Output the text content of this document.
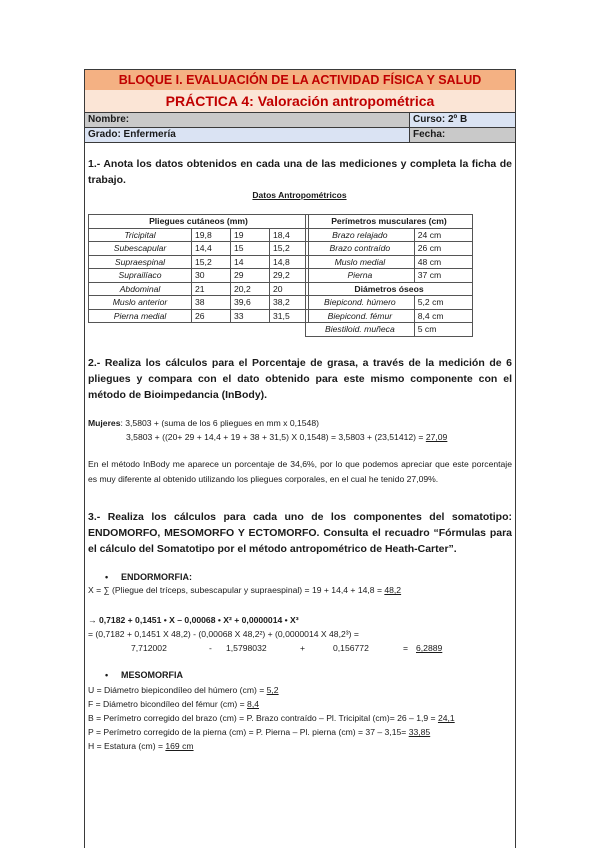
BLOQUE I. EVALUACIÓN DE LA ACTIVIDAD FÍSICA Y SALUD
PRÁCTICA 4: Valoración antropométrica
Nombre:	Curso: 2º B
Grado: Enfermería	Fecha:
1.- Anota los datos obtenidos en cada una de las mediciones y completa la ficha de trabajo.
Datos Antropométricos
Pliegues cutáneos (mm)			
Tricipital	19,8	19	18,4
Subescapular	14,4	15	15,2
Supraespinal	15,2	14	14,8
Suprailíaco	30	29	29,2
Abdominal	21	20,2	20
Muslo anterior	38	39,6	38,2
Pierna medial	26	33	31,5
Perímetros musculares (cm)	
Brazo relajado	24 cm
Brazo contraído	26 cm
Muslo medial	48 cm
Pierna	37 cm
Diámetros óseos	
Biepicond. húmero	5,2 cm
Biepicond. fémur	8,4 cm
Biestiloid. muñeca	5 cm
2.- Realiza los cálculos para el Porcentaje de grasa, a través de la medición de 6 pliegues y compara con el dato obtenido para este mismo componente con el método de Bioimpedancia (InBody).
Mujeres: 3,5803 + (suma de los 6 pliegues en mm x 0,1548)
3,5803 + ((20+ 29 + 14,4 + 19 + 38 + 31,5) X 0,1548) = 3,5803 + (23,51412) = 27,09
En el método InBody me aparece un porcentaje de 34,6%, por lo que podemos apreciar que este porcentaje es muy diferente al obtenido utilizando los pliegues corporales, en el cual he tenido 27,09%.
3.- Realiza los cálculos para cada uno de los componentes del somatotipo: ENDOMORFO, MESOMORFO Y ECTOMORFO. Consulta el recuadro “Fórmulas para el cálculo del Somatotipo por el método antropométrico de Heath-Carter”.
• ENDORMORFIA:
X = ∑ (Pliegue del tríceps, subescapular y supraespinal) = 19 + 14,4 + 14,8 = 48,2
→ 0,7182 + 0,1451 • X – 0,00068 • X² + 0,0000014 • X³
= (0,7182 + 0,1451 X 48,2) - (0,00068 X 48,2²) + (0,0000014 X 48,2³) =
7,712002	- 1,5798032	+	0,156772	= 6,2889
• MESOMORFIA
U = Diámetro biepicondíleo del húmero (cm) = 5,2
F = Diámetro bicondíleo del fémur (cm) = 8,4
B = Perímetro corregido del brazo (cm) = P. Brazo contraído – Pl. Tricipital (cm)= 26 – 1,9 = 24,1
P = Perímetro corregido de la pierna (cm) = P. Pierna – Pl. pierna (cm) = 37 – 3,15= 33,85
H = Estatura (cm) = 169 cm
